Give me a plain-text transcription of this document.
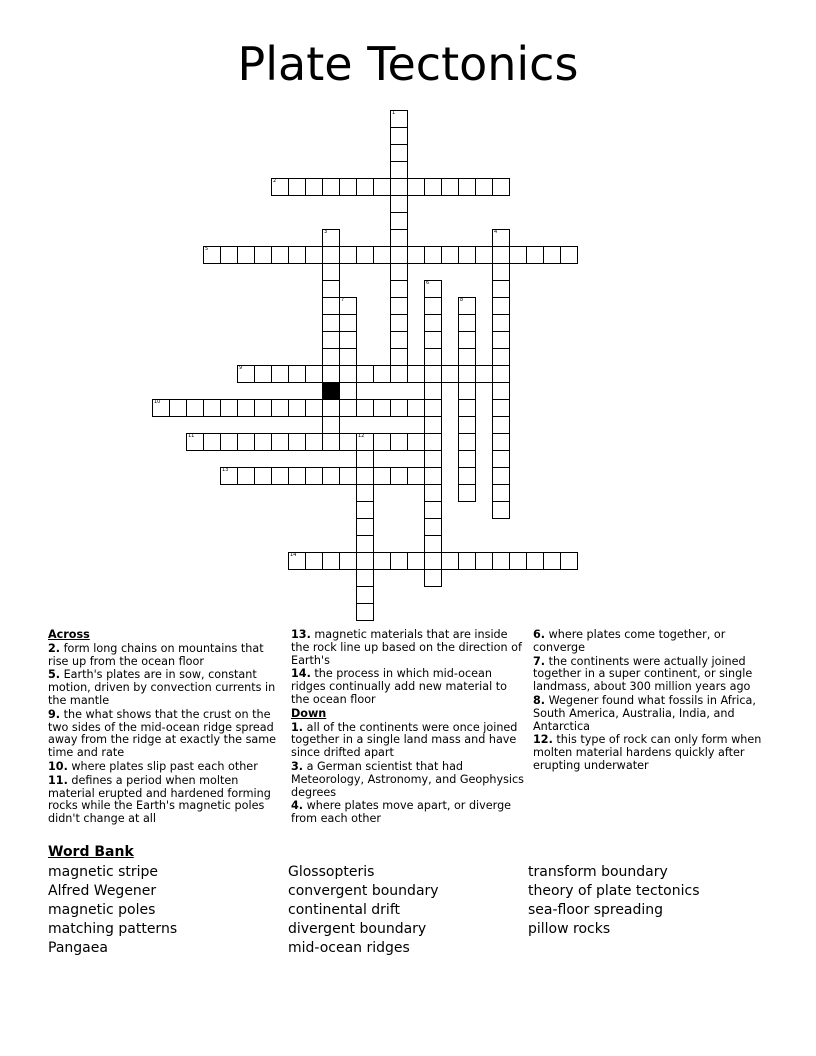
Plate Tectonics
1
2
3	4
5
6
7	8
9
10
11	12
13
14
Across
2. form long chains on mountains that rise up from the ocean floor
5. Earth's plates are in sow, constant motion, driven by convection currents in the mantle
9. the what shows that the crust on the two sides of the mid-ocean ridge spread away from the ridge at exactly the same time and rate
10. where plates slip past each other
11. defines a period when molten material erupted and hardened forming rocks while the Earth's magnetic poles didn't change at all
13. magnetic materials that are inside the rock line up based on the direction of Earth's
14. the process in which mid-ocean ridges continually add new material to the ocean floor
Down
1. all of the continents were once joined together in a single land mass and have since drifted apart
3. a German scientist that had Meteorology, Astronomy, and Geophysics degrees
4. where plates move apart, or diverge from each other
6. where plates come together, or converge
7. the continents were actually joined together in a super continent, or single landmass, about 300 million years ago
8. Wegener found what fossils in Africa, South America, Australia, India, and Antarctica
12. this type of rock can only form when molten material hardens quickly after erupting underwater
Word Bank
magnetic stripe
Alfred Wegener
magnetic poles
matching patterns
Pangaea
Glossopteris
convergent boundary
continental drift
divergent boundary
mid-ocean ridges
transform boundary
theory of plate tectonics
sea-floor spreading
pillow rocks
